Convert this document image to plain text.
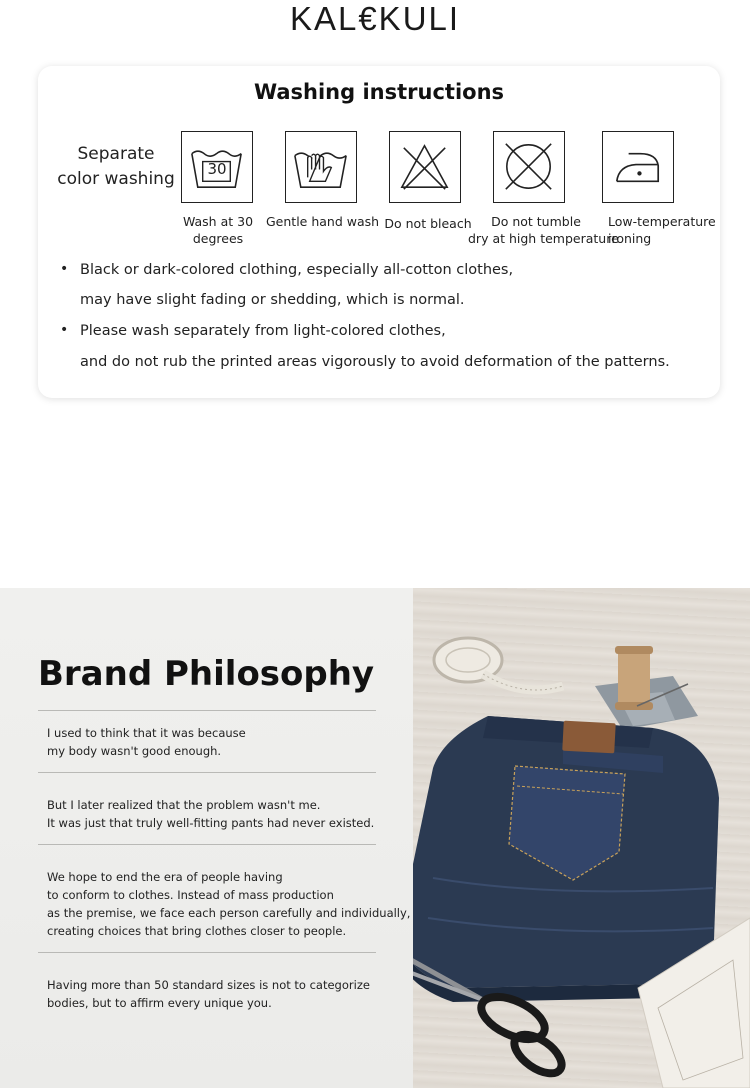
KAL€KULI
Washing instructions
Separate
color washing	30
Wash at 30
degrees
Gentle hand wash Do not bleach	Do not tumble
dry at high temperature
Low-temperature
ironing
• Black or dark-colored clothing, especially all-cotton clothes,
may have slight fading or shedding, which is normal.
• Please wash separately from light-colored clothes,
and do not rub the printed areas vigorously to avoid deformation of the patterns.
Brand Philosophy
I used to think that it was because
my body wasn't good enough.
But I later realized that the problem wasn't me.
It was just that truly well-fitting pants had never existed.
We hope to end the era of people having
to conform to clothes. Instead of mass production
as the premise, we face each person carefully and individually,
creating choices that bring clothes closer to people.
Having more than 50 standard sizes is not to categorize
bodies, but to affirm every unique you.
